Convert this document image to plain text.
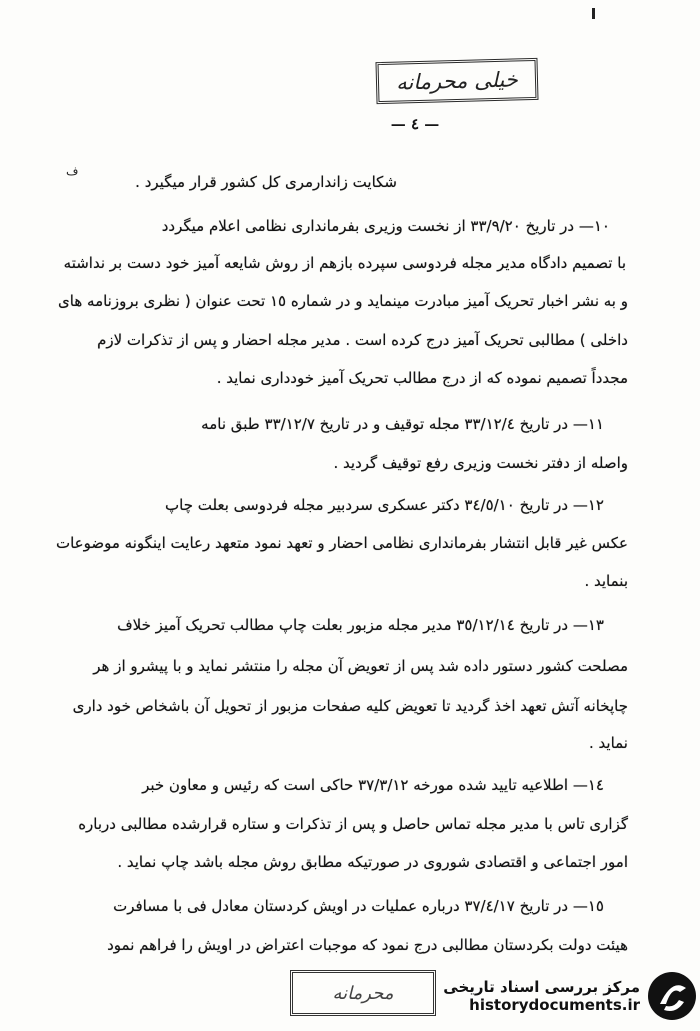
خیلی محرمانه
— ٤ —
ف
شکایت زاندارمری کل کشور قرار میگیرد .
١٠— در تاریخ ٣٣/٩/٢٠ از نخست وزیری بفرمانداری نظامی اعلام میگردد
با تصمیم دادگاه مدیر مجله فردوسی سپرده بازهم از روش شایعه آمیز خود دست بر نداشته
و به نشر اخبار تحریک آمیز مبادرت مینماید و در شماره ١٥ تحت عنوان ( نظری بروزنامه های
داخلی ) مطالبی تحریک آمیز درج کرده است . مدیر مجله احضار و پس از تذکرات لازم
مجدداً تصمیم نموده که از درج مطالب تحریک آمیز خودداری نماید .
١١— در تاریخ ٣٣/١٢/٤ مجله توقیف و در تاریخ ٣٣/١٢/٧ طبق نامه
واصله از دفتر نخست وزیری رفع توقیف گردید .
١٢— در تاریخ ٣٤/٥/١٠ دکتر عسکری سردبیر مجله فردوسی بعلت چاپ
عکس غیر قابل انتشار بفرمانداری نظامی احضار و تعهد نمود متعهد رعایت اینگونه موضوعات
بنماید .
١٣— در تاریخ ٣٥/١٢/١٤ مدیر مجله مزبور بعلت چاپ مطالب تحریک آمیز خلاف
مصلحت کشور دستور داده شد پس از تعویض آن مجله را منتشر نماید و با پیشرو از هر
چاپخانه آتش تعهد اخذ گردید تا تعویض کلیه صفحات مزبور از تحویل آن باشخاص خود داری
نماید .
١٤— اطلاعیه تایید شده مورخه ٣٧/٣/١٢ حاکی است که رئیس و معاون خبر
گزاری تاس با مدیر مجله تماس حاصل و پس از تذکرات و ستاره قرارشده مطالبی درباره
امور اجتماعی و اقتصادی شوروی در صورتیکه مطابق روش مجله باشد چاپ نماید .
١٥— در تاریخ ٣٧/٤/١٧ درباره عملیات در اویش کردستان معادل فی با مسافرت
هیئت دولت بکردستان مطالبی درج نمود که موجبات اعتراض در اویش را فراهم نمود
محرمانه	مرکز بررسی اسناد تاریخی
historydocuments.ir
